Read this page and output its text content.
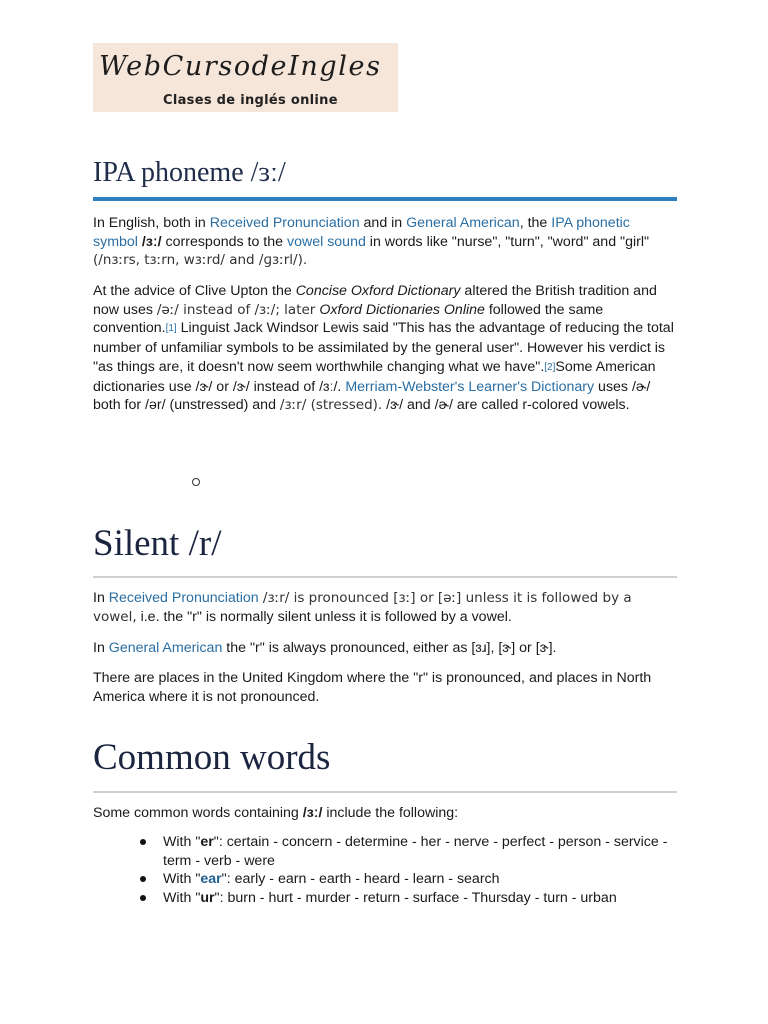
WebCursodeIngles
Clases de inglés online
IPA phoneme /ɜː/

In English, both in Received Pronunciation and in General American, the IPA phonetic symbol /ɜː/ corresponds to the vowel sound in words like "nurse", "turn", "word" and "girl"
(/nɜːrs, tɜːrn, wɜːrd/ and /ɡɜːrl/).

At the advice of Clive Upton the Concise Oxford Dictionary altered the British tradition and now uses /əː/ instead of /ɜː/; later Oxford Dictionaries Online followed the same convention.[1] Linguist Jack Windsor Lewis said "This has the advantage of reducing the total number of unfamiliar symbols to be assimilated by the general user". However his verdict is "as things are, it doesn't now seem worthwhile changing what we have".[2]Some American dictionaries use /ɝ/ or /ɝ/ instead of /ɜː/. Merriam-Webster's Learner's Dictionary uses /ɚ/ both for /ər/ (unstressed) and /ɜːr/ (stressed). /ɝ/ and /ɚ/ are called r-colored vowels.

Silent /r/

In Received Pronunciation /ɜːr/ is pronounced [ɜː] or [əː] unless it is followed by a vowel, i.e. the "r" is normally silent unless it is followed by a vowel.

In General American the "r" is always pronounced, either as [ɜɹ], [ɝ] or [ɝ].

There are places in the United Kingdom where the "r" is pronounced, and places in North America where it is not pronounced.

Common words

Some common words containing /ɜː/ include the following:

With "er": certain - concern - determine - her - nerve - perfect - person - service - term - verb - were
With "ear": early - earn - earth - heard - learn - search
With "ur": burn - hurt - murder - return - surface - Thursday - turn - urban
